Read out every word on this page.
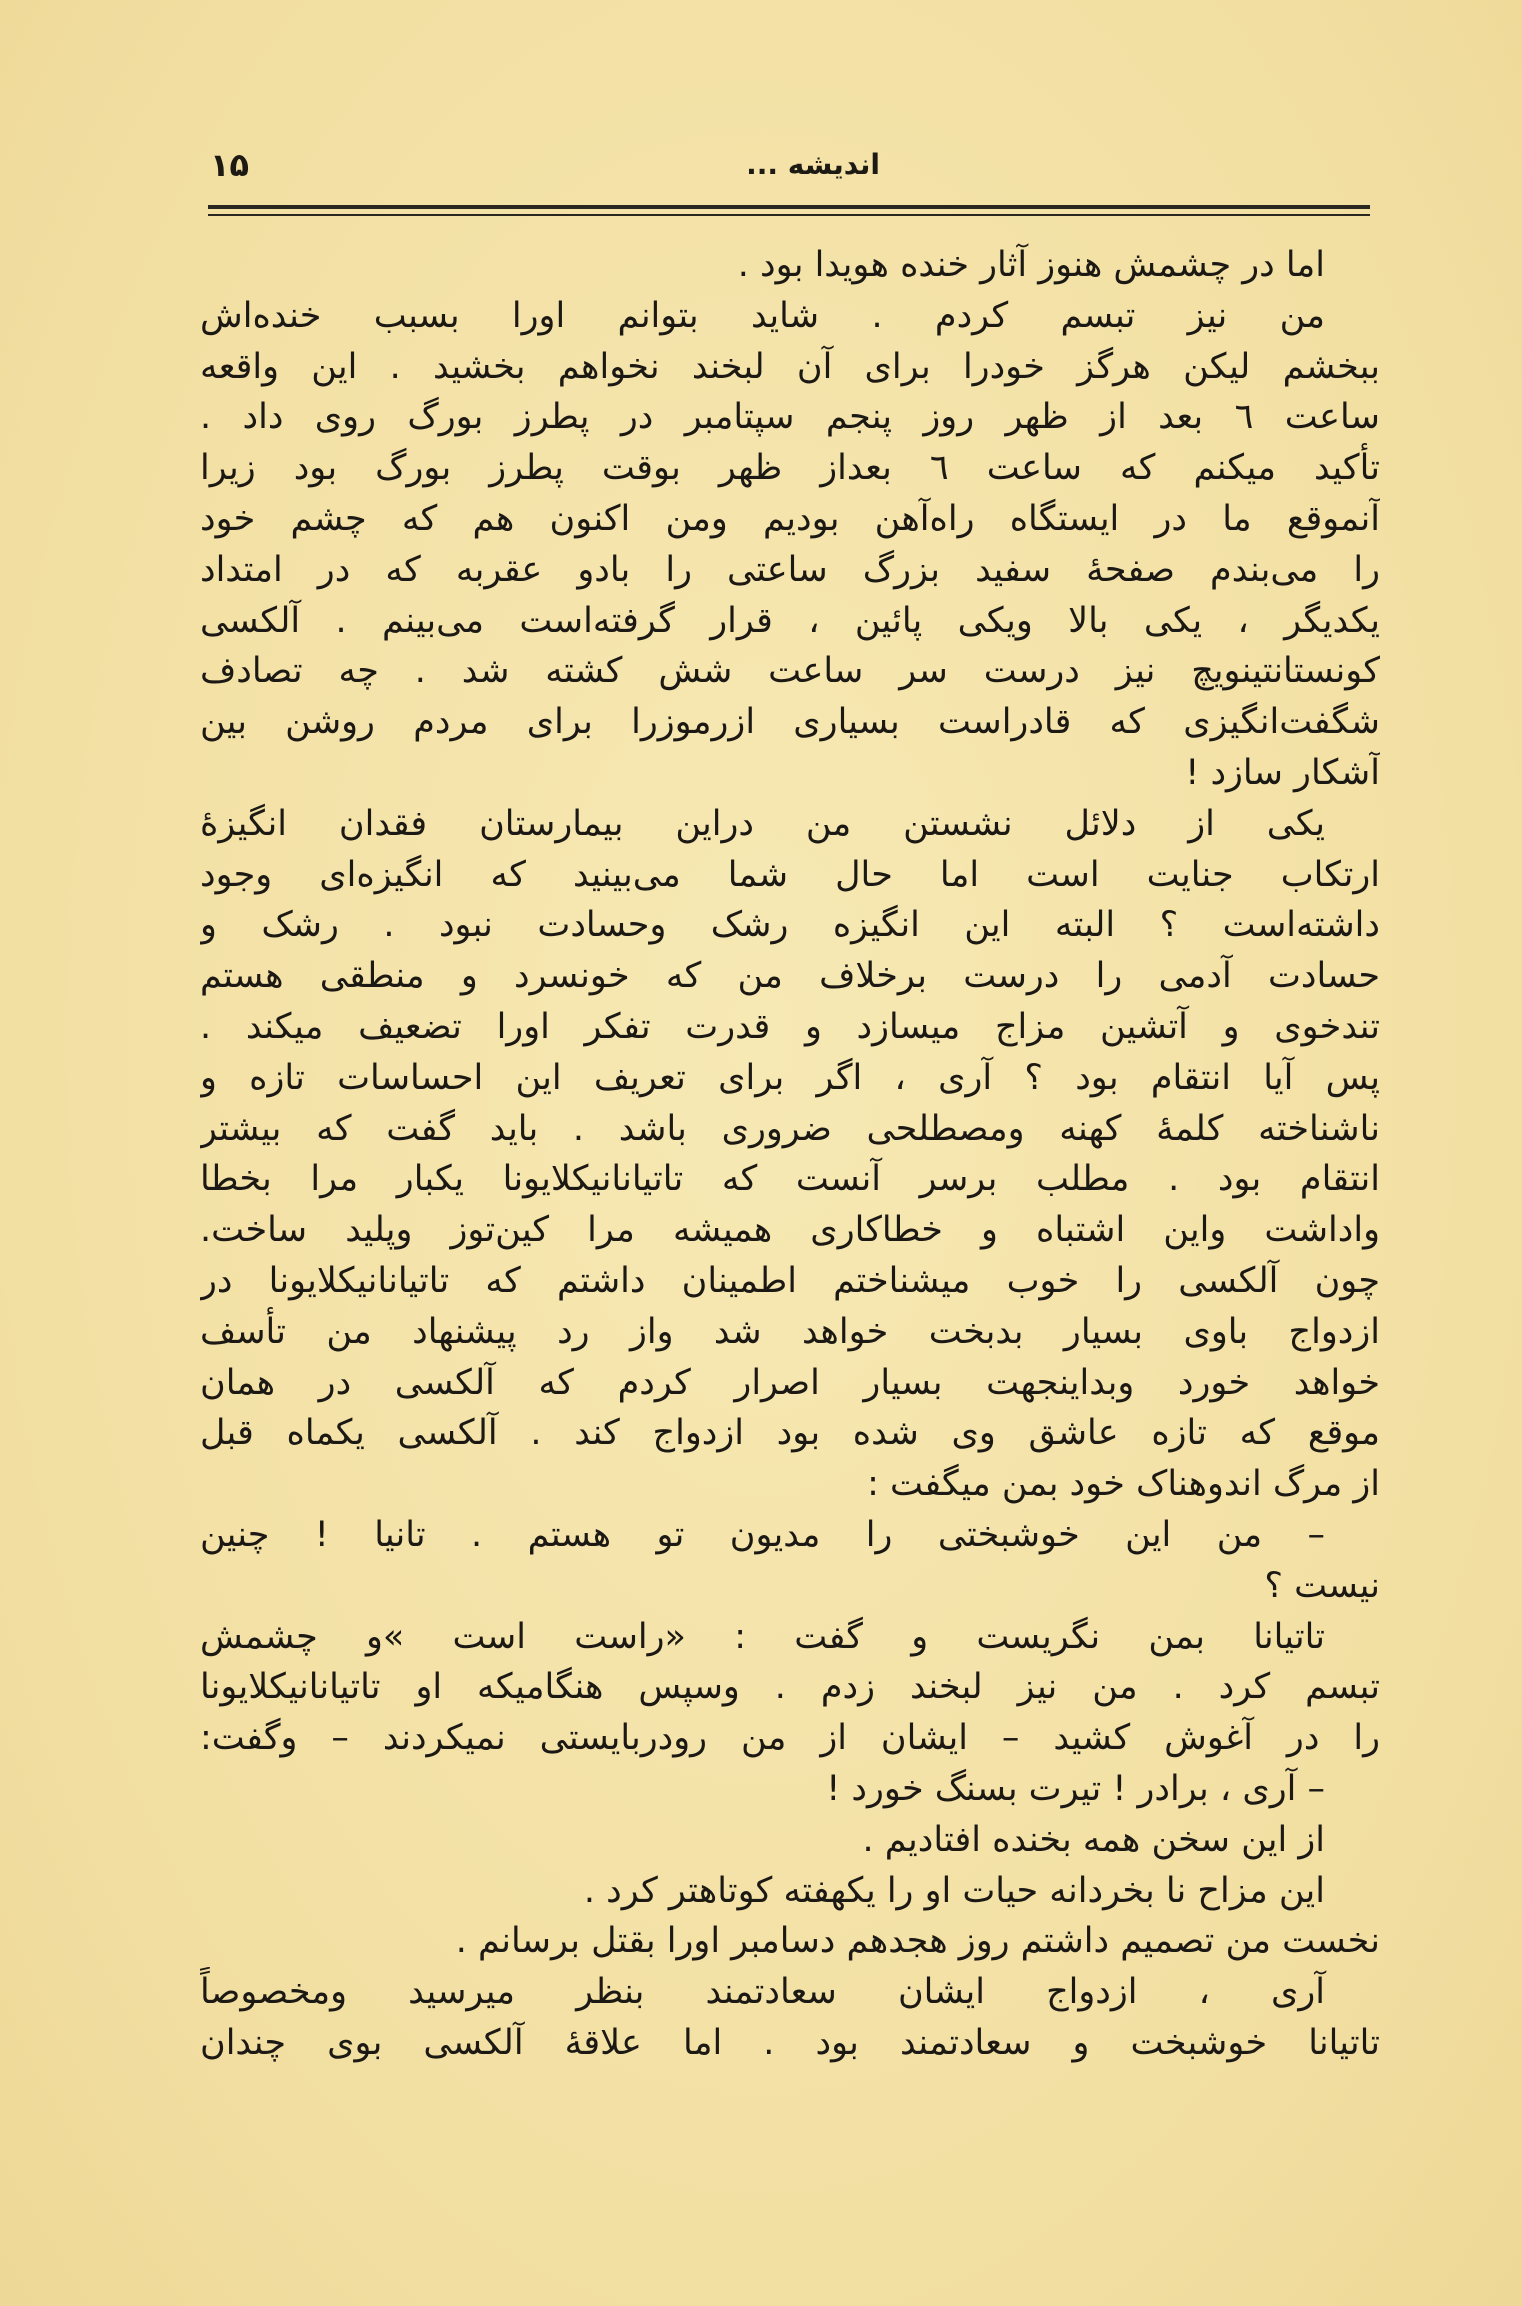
اندیشه ...
۱۵
اما در چشمش هنوز آثار خنده هویدا بود .
من نیز تبسم کردم . شاید بتوانم اورا بسبب خنده‌اش
ببخشم لیکن هرگز خودرا برای آن لبخند نخواهم بخشید . این واقعه
ساعت ٦ بعد از ظهر روز پنجم سپتامبر در پطرز بورگ روی داد .
تأکید میکنم که ساعت ٦ بعداز ظهر بوقت پطرز بورگ بود زیرا
آنموقع ما در ایستگاه راه‌آهن بودیم ومن اکنون هم که چشم خود
را می‌بندم صفحهٔ سفید بزرگ ساعتی را بادو عقربه که در امتداد
یکدیگر ، یکی بالا ویکی پائین ، قرار گرفته‌است می‌بینم . آلکسی
کونستانتینویچ نیز درست سر ساعت شش کشته شد . چه تصادف
شگفت‌انگیزی که قادراست بسیاری ازرموزرا برای مردم روشن بین
آشکار سازد !
یکی از دلائل نشستن من دراین بیمارستان فقدان انگیزهٔ
ارتکاب جنایت است اما حال شما می‌بینید که انگیزه‌ای وجود
داشته‌است ؟ البته این انگیزه رشک وحسادت نبود . رشک و
حسادت آدمی را درست برخلاف من که خونسرد و منطقی هستم
تندخوی و آتشین مزاج میسازد و قدرت تفکر اورا تضعیف میکند .
پس آیا انتقام بود ؟ آری ، اگر برای تعریف این احساسات تازه و
ناشناخته کلمهٔ کهنه ومصطلحی ضروری باشد . باید گفت که بیشتر
انتقام بود . مطلب برسر آنست که تاتیانانیکلایونا یکبار مرا بخطا
واداشت واین اشتباه و خطاکاری همیشه مرا کین‌توز وپلید ساخت.
چون آلکسی را خوب میشناختم اطمینان داشتم که تاتیانانیکلایونا در
ازدواج باوی بسیار بدبخت خواهد شد واز رد پیشنهاد من تأسف
خواهد خورد وبداینجهت بسیار اصرار کردم که آلکسی در همان
موقع که تازه عاشق وی شده بود ازدواج کند . آلکسی یکماه قبل
از مرگ اندوهناک خود بمن میگفت :
– من این خوشبختی را مدیون تو هستم . تانیا ! چنین
نیست ؟
تاتیانا بمن نگریست و گفت : «راست است »و چشمش
تبسم کرد . من نیز لبخند زدم . وسپس هنگامیکه او تاتیانانیکلایونا
را در آغوش کشید – ایشان از من رودربایستی نمیکردند – وگفت:
– آری ، برادر ! تیرت بسنگ خورد !
از این سخن همه بخنده افتادیم .
این مزاح نا بخردانه حیات او را یکهفته کوتاهتر کرد .
نخست من تصمیم داشتم روز هجدهم دسامبر اورا بقتل برسانم .
آری ، ازدواج ایشان سعادتمند بنظر میرسید ومخصوصاً
تاتیانا خوشبخت و سعادتمند بود . اما علاقهٔ آلکسی بوی چندان
